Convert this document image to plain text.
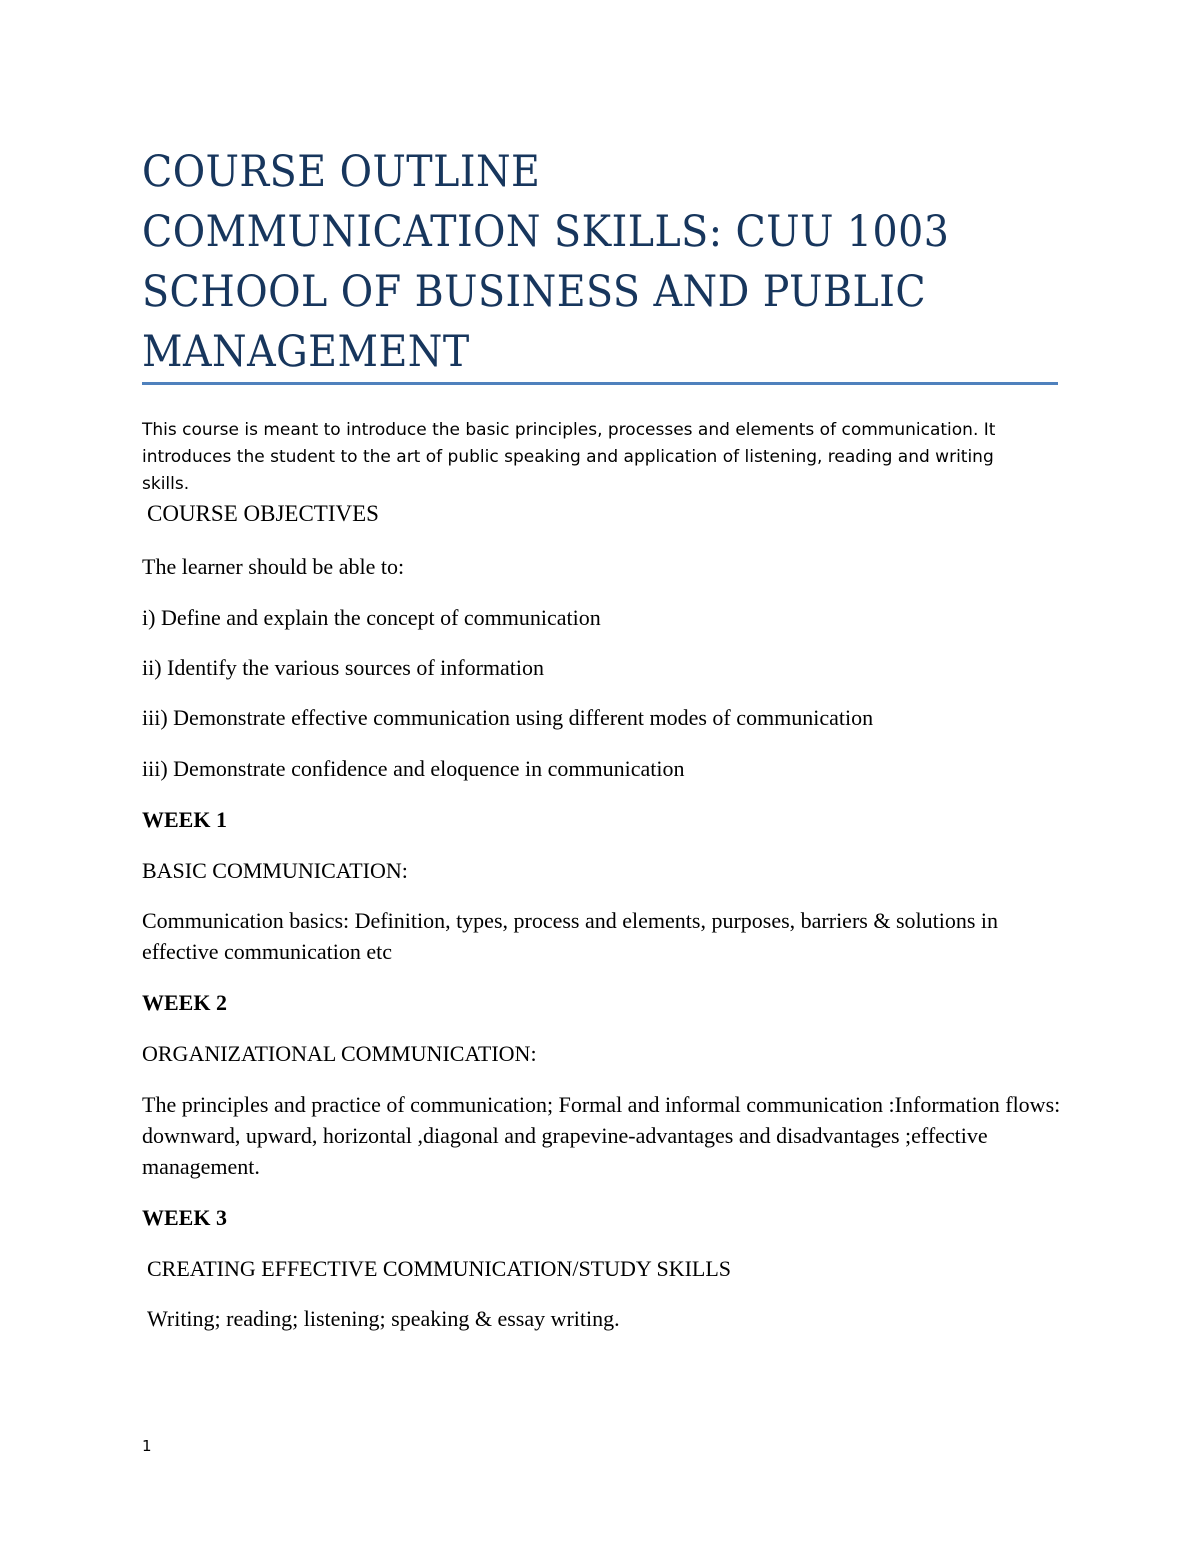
COURSE OUTLINE
COMMUNICATION SKILLS: CUU 1003
SCHOOL OF BUSINESS AND PUBLIC
MANAGEMENT
This course is meant to introduce the basic principles, processes and elements of communication. It introduces the student to the art of public speaking and application of listening, reading and writing skills.
COURSE OBJECTIVES
The learner should be able to:
i) Define and explain the concept of communication
ii) Identify the various sources of information
iii) Demonstrate effective communication using different modes of communication
iii) Demonstrate confidence and eloquence in communication
WEEK 1
BASIC COMMUNICATION:
Communication basics: Definition, types, process and elements, purposes, barriers & solutions in effective communication etc
WEEK 2
ORGANIZATIONAL COMMUNICATION:
The principles and practice of communication; Formal and informal communication :Information flows: downward, upward, horizontal ,diagonal and grapevine-advantages and disadvantages ;effective management.
WEEK 3
CREATING EFFECTIVE COMMUNICATION/STUDY SKILLS
Writing; reading; listening; speaking & essay writing.
1
